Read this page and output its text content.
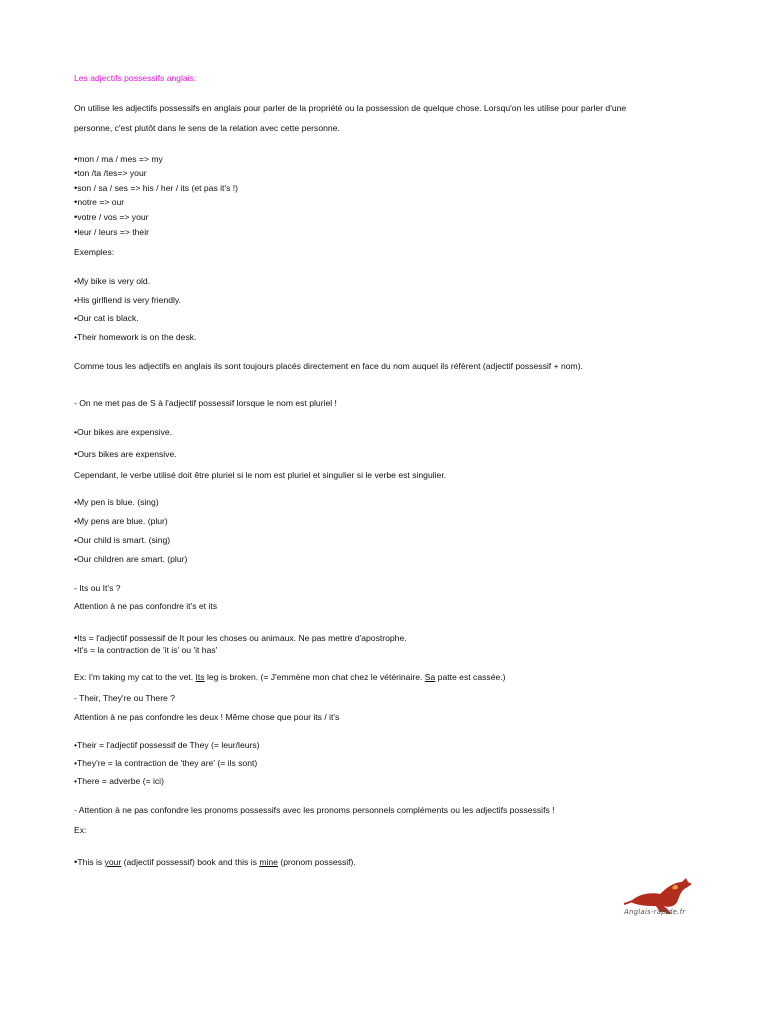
Les adjectifs possessifs anglais:
On utilise les adjectifs possessifs en anglais pour parler de la propriété ou la possession de quelque chose. Lorsqu'on les utilise pour parler d'une
personne, c'est plutôt dans le sens de la relation avec cette personne.
•mon / ma / mes => my
•ton /ta /tes=> your
•son / sa / ses => his / her / its (et pas it's !)
•notre => our
•votre / vos => your
•leur / leurs => their
Exemples:
•My bike is very old.
•His girlfiend is very friendly.
•Our cat is black.
•Their homework is on the desk.
Comme tous les adjectifs en anglais ils sont toujours placés directement en face du nom auquel ils réfèrent (adjectif possessif + nom).
- On ne met pas de S à l'adjectif possessif lorsque le nom est pluriel !
•Our bikes are expensive.
•Ours bikes are expensive.
Cependant, le verbe utilisé doit être pluriel si le nom est pluriel et singulier si le verbe est singulier.
•My pen is blue. (sing)
•My pens are blue. (plur)
•Our child is smart. (sing)
•Our children are smart. (plur)
- Its ou It's ?
Attention à ne pas confondre it's et its
•Its = l'adjectif possessif de It pour les choses ou animaux. Ne pas mettre d'apostrophe.
•It's = la contraction de 'it is' ou 'it has'
Ex: I'm taking my cat to the vet. Its leg is broken. (= J'emmène mon chat chez le vétérinaire. Sa patte est cassée.)
- Their, They're ou There ?
Attention à ne pas confondre les deux ! Même chose que pour its / it's
•Their = l'adjectif possessif de They (= leur/leurs)
•They're = la contraction de 'they are' (= ils sont)
•There = adverbe (= ici)
- Attention à ne pas confondre les pronoms possessifs avec les pronoms personnels compléments ou les adjectifs possessifs !
Ex:
•This is your (adjectif possessif) book and this is mine (pronom possessif).
Anglais-rapide.fr
